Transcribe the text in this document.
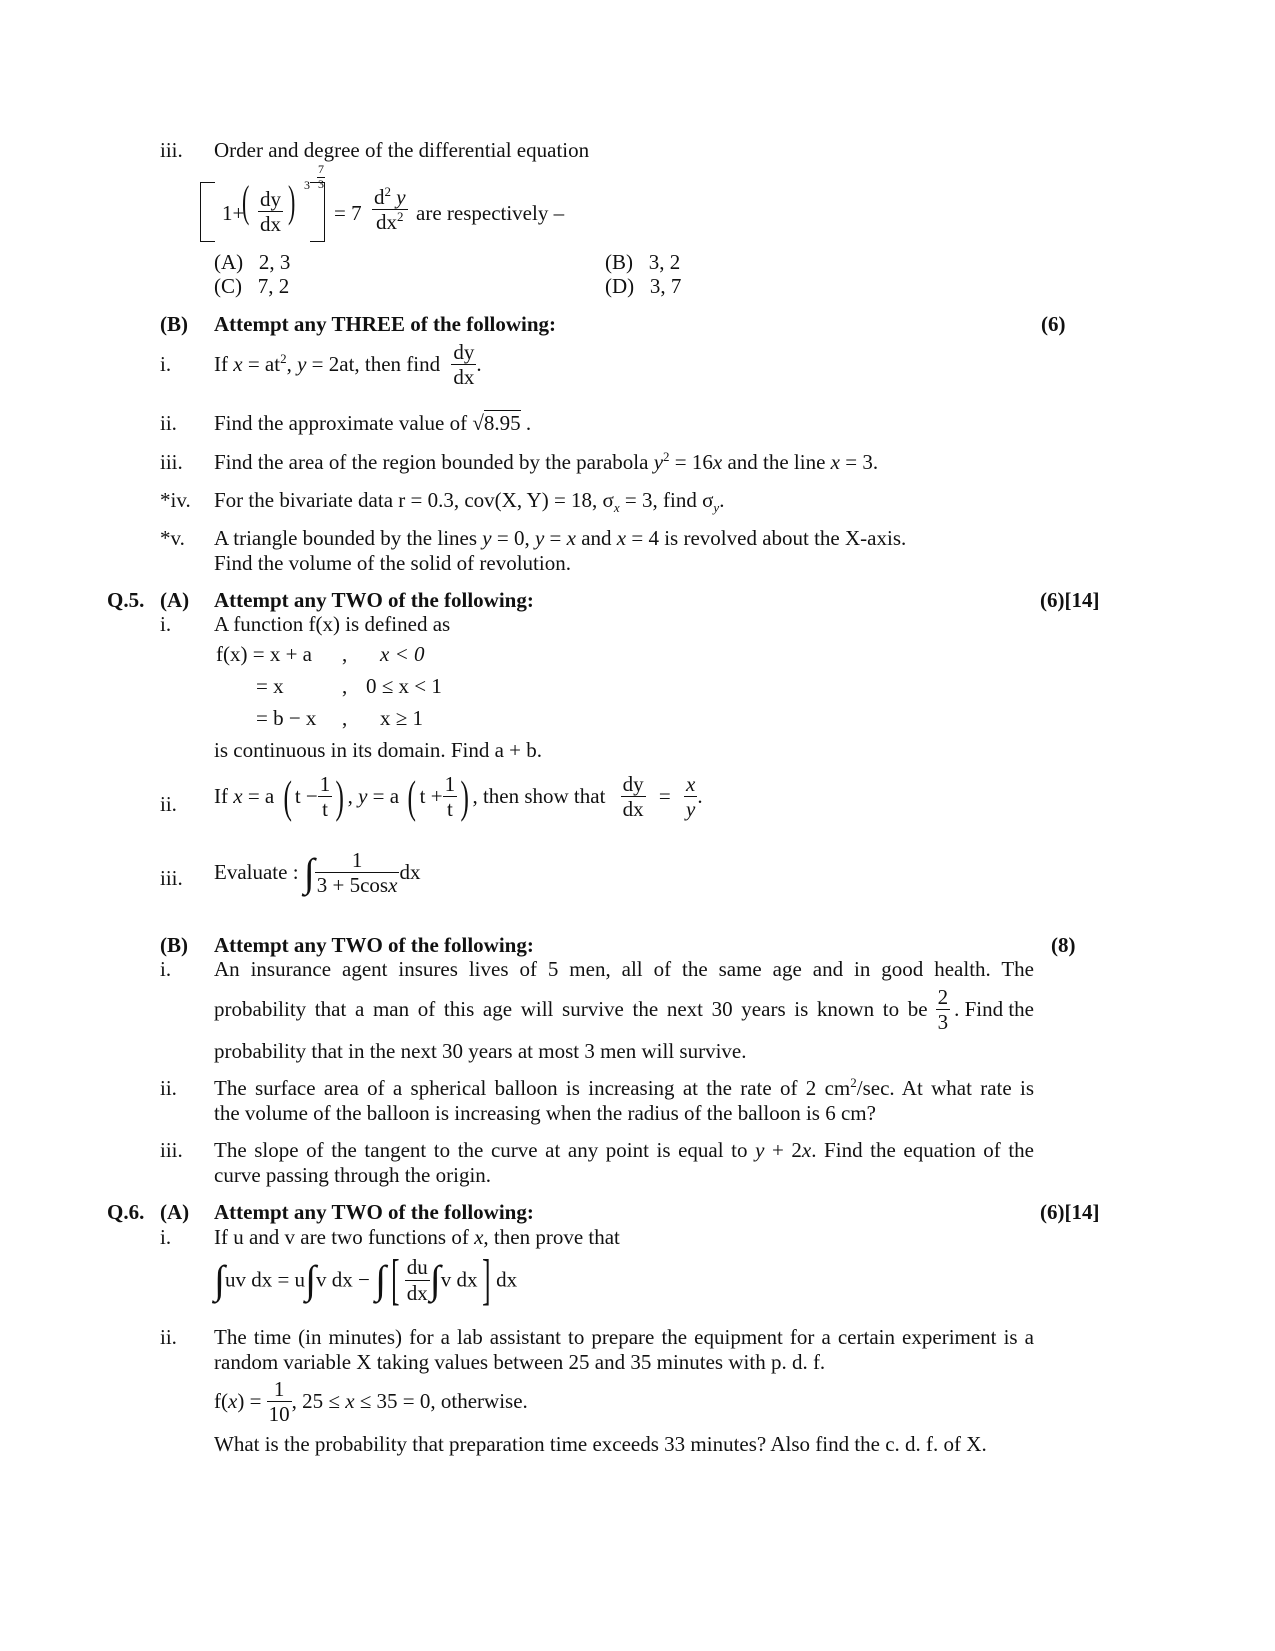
iii. Order and degree of the differential equation
1+
( $\frac{dy}{dx}$ ) $3 \frac{7}{3}$
= $7 \frac{d^2 y}{dx^2}$ are respectively –
(A) 2, 3	(B) 3, 2
(C) 7, 2	(D) 3, 7
(B) Attempt any THREE of the following:	(6)
i. If $x = at^2$, y = 2at, then find $\frac{dy}{dx}$ .
ii. Find the approximate value of √8.95 .
iii. Find the area of the region bounded by the parabola $y^2 = 16x$ and the line x = 3.
*iv. For the bivariate data r = 0.3, cov(X, Y) = 18, $\sigma_x = 3$, find $\sigma_y$.
*v. A triangle bounded by the lines y = 0, y = x and x = 4 is revolved about the X-axis.
Find the volume of the solid of revolution.
Q.5. (A) Attempt any TWO of the following:	(6)[14]
i. A function f(x) is defined as
f(x) = x + a , x < 0
= x	, 0 ≤ x < 1
= b − x , x ≥ 1
is continuous in its domain. Find a + b.
ii. If x = a ( $t - \frac{1}{t}$ ) , y = a ( $t + \frac{1}{t}$ ) , then show that $\frac{dy}{dx} = \frac{x}{y}$ .
iii. Evaluate : ∫ $\frac{1}{3 + 5\cos x}$ dx
(B) Attempt any TWO of the following:	(8)
i. An insurance agent insures lives of 5 men, all of the same age and in good health. The
probability that a man of this age will survive the next 30 years is known to be $\frac{2}{3}$ . Find the
probability that in the next 30 years at most 3 men will survive.
ii. The surface area of a spherical balloon is increasing at the rate of 2 $cm^2/\sec$. At what rate is
the volume of the balloon is increasing when the radius of the balloon is 6 cm?
iii. The slope of the tangent to the curve at any point is equal to y + 2x. Find the equation of the
curve passing through the origin.
Q.6. (A) Attempt any TWO of the following:	(6)[14]
i. If u and v are two functions of x, then prove that
∫uv dx = u∫v dx − ∫[ $\frac{du}{dx} \int v$ dx] dx
ii. The time (in minutes) for a lab assistant to prepare the equipment for a certain experiment is a
random variable X taking values between 25 and 35 minutes with p. d. f.
$f(x) = \frac{1}{10}$ , 25 ≤ x ≤ 35 = 0, otherwise.
What is the probability that preparation time exceeds 33 minutes? Also find the c. d. f. of X.
